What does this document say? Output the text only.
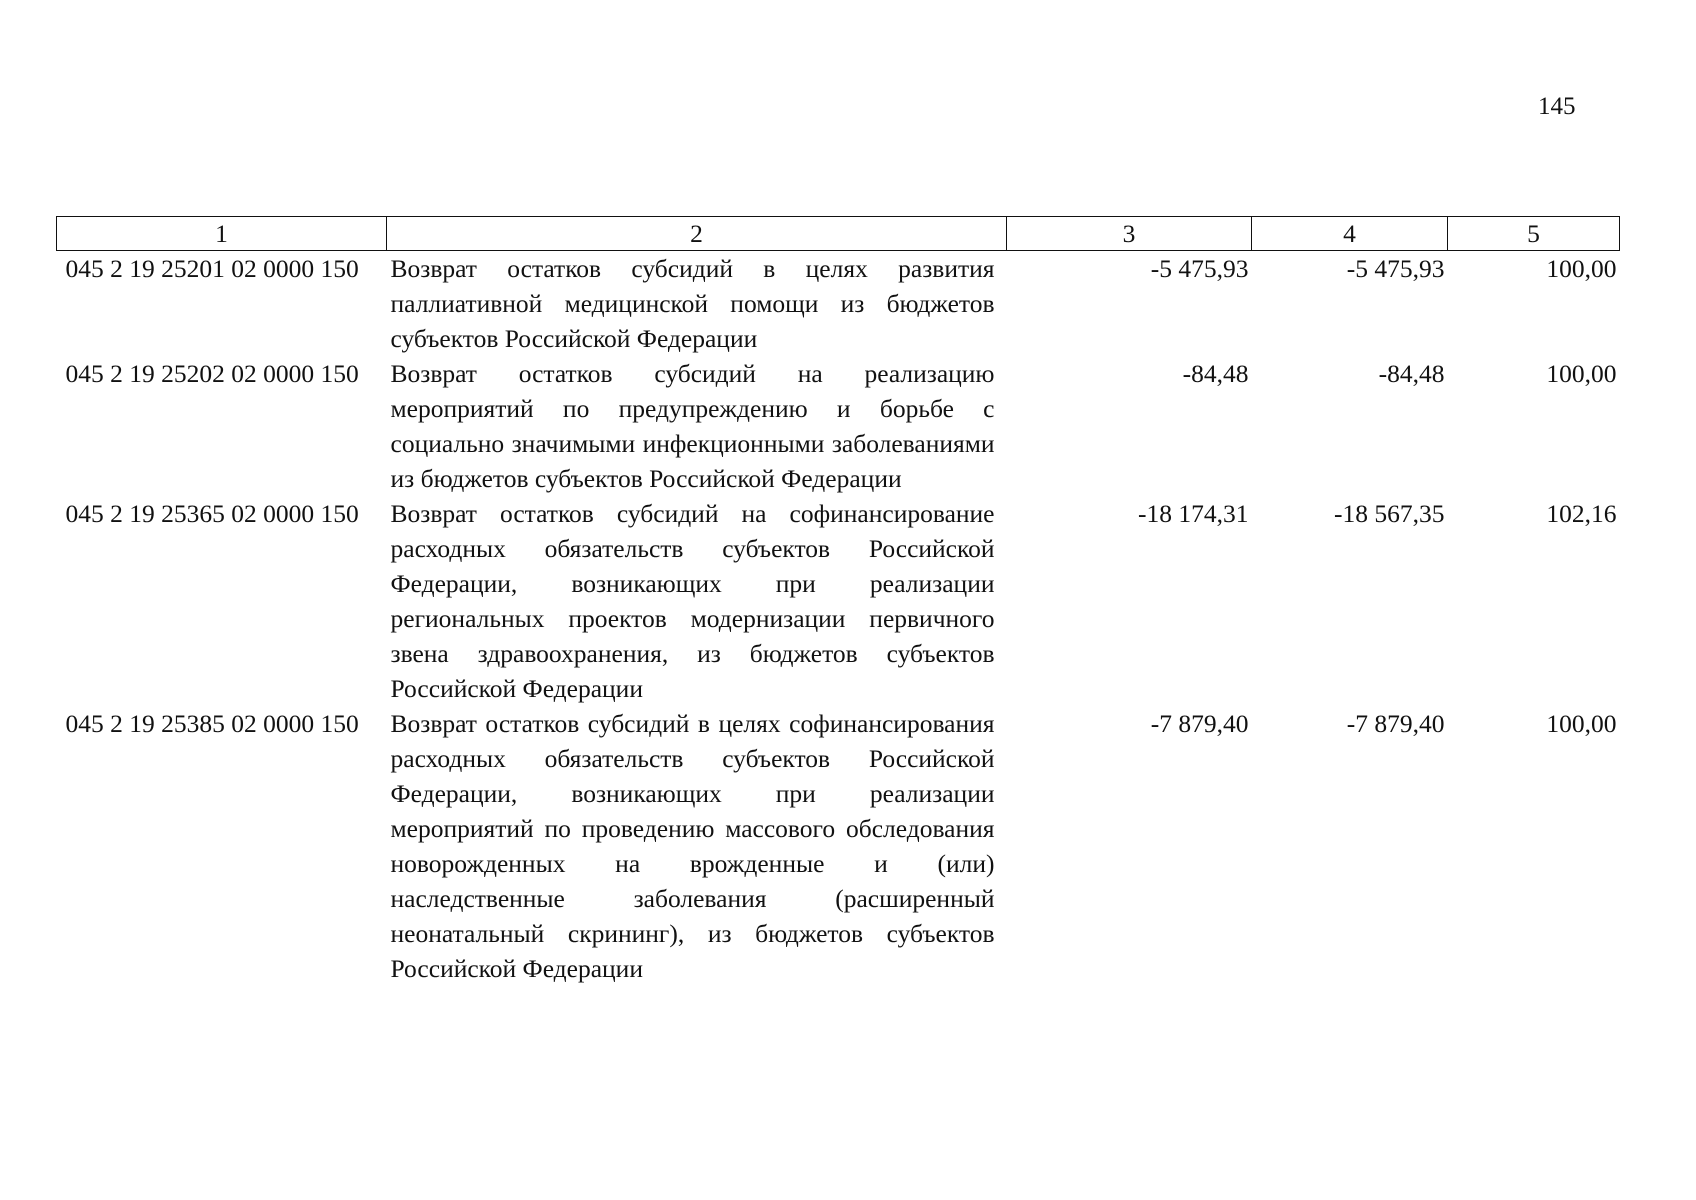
145
1	2	3	4	5
045 2 19 25201 02 0000 150	Возврат остатков субсидий в целях развития паллиативной медицинской помощи из бюджетов субъектов Российской Федерации	-5 475,93	-5 475,93	100,00
045 2 19 25202 02 0000 150	Возврат остатков субсидий на реализацию мероприятий по предупреждению и борьбе с социально значимыми инфекционными заболеваниями из бюджетов субъектов Российской Федерации	-84,48	-84,48	100,00
045 2 19 25365 02 0000 150	Возврат остатков субсидий на софинансирование расходных обязательств субъектов Российской Федерации, возникающих при реализации региональных проектов модернизации первичного звена здравоохранения, из бюджетов субъектов Российской Федерации	-18 174,31	-18 567,35	102,16
045 2 19 25385 02 0000 150	Возврат остатков субсидий в целях софинансирования расходных обязательств субъектов Российской Федерации, возникающих при реализации мероприятий по проведению массового обследования новорожденных на врожденные и (или) наследственные заболевания (расширенный неонатальный скрининг), из бюджетов субъектов Российской Федерации	-7 879,40	-7 879,40	100,00
